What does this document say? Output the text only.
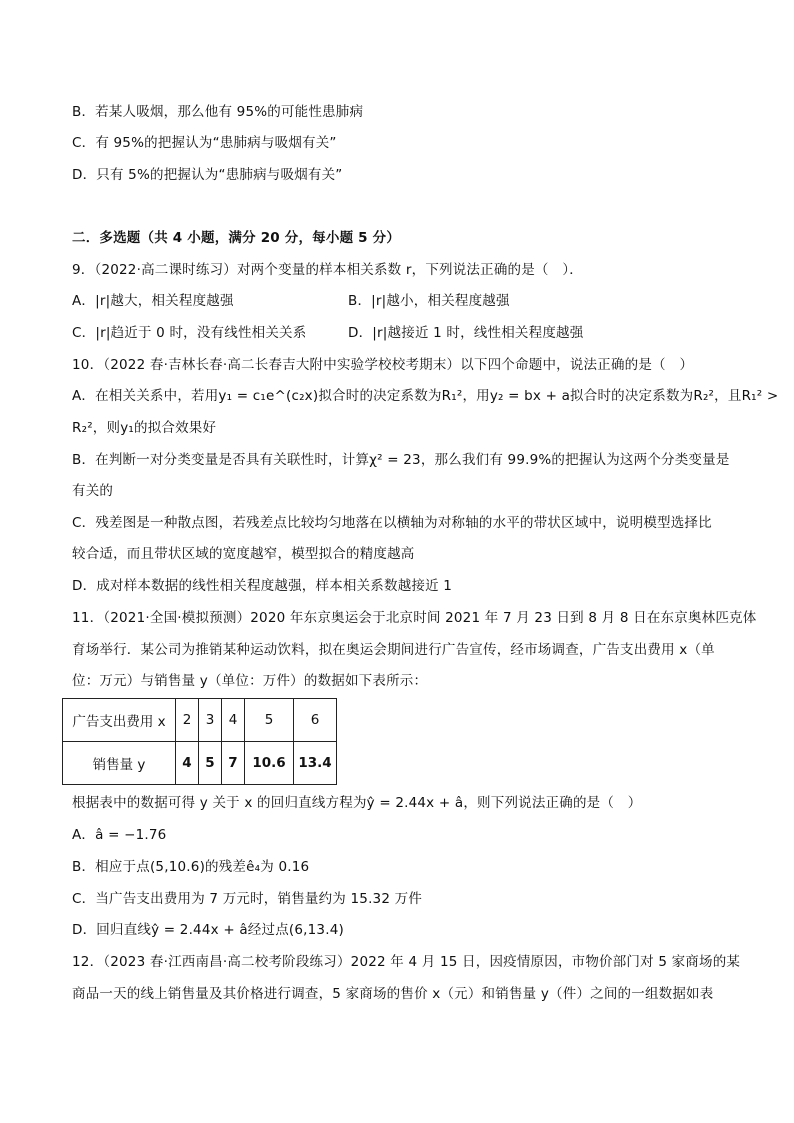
B．若某人吸烟，那么他有 95%的可能性患肺病
C．有 95%的把握认为“患肺病与吸烟有关”
D．只有 5%的把握认为“患肺病与吸烟有关”
二．多选题（共 4 小题，满分 20 分，每小题 5 分）
9．（2022·高二课时练习）对两个变量的样本相关系数 r，下列说法正确的是（　）．
A．|r|越大，相关程度越强	B．|r|越小，相关程度越强
C．|r|趋近于 0 时，没有线性相关关系	D．|r|越接近 1 时，线性相关程度越强
10．（2022 春·吉林长春·高二长春吉大附中实验学校校考期末）以下四个命题中，说法正确的是（　）
A．在相关关系中，若用y₁ = c₁e^(c₂x)拟合时的决定系数为R₁²，用y₂ = bx + a拟合时的决定系数为R₂²，且R₁² >
R₂²，则y₁的拟合效果好
B．在判断一对分类变量是否具有关联性时，计算χ² = 23，那么我们有 99.9%的把握认为这两个分类变量是
有关的
C．残差图是一种散点图，若残差点比较均匀地落在以横轴为对称轴的水平的带状区域中，说明模型选择比
较合适，而且带状区域的宽度越窄，模型拟合的精度越高
D．成对样本数据的线性相关程度越强，样本相关系数越接近 1
11．（2021·全国·模拟预测）2020 年东京奥运会于北京时间 2021 年 7 月 23 日到 8 月 8 日在东京奥林匹克体
育场举行．某公司为推销某种运动饮料，拟在奥运会期间进行广告宣传，经市场调查，广告支出费用 x（单
位：万元）与销售量 y（单位：万件）的数据如下表所示：
广告支出费用 x	2	3	4	5	6
销售量 y	4	5	7	10.6	13.4
根据表中的数据可得 y 关于 x 的回归直线方程为ŷ = 2.44x + â，则下列说法正确的是（　）
A．â = −1.76
B．相应于点(5,10.6)的残差ê₄为 0.16
C．当广告支出费用为 7 万元时，销售量约为 15.32 万件
D．回归直线ŷ = 2.44x + â经过点(6,13.4)
12．（2023 春·江西南昌·高二校考阶段练习）2022 年 4 月 15 日，因疫情原因，市物价部门对 5 家商场的某
商品一天的线上销售量及其价格进行调查，5 家商场的售价 x（元）和销售量 y（件）之间的一组数据如表
